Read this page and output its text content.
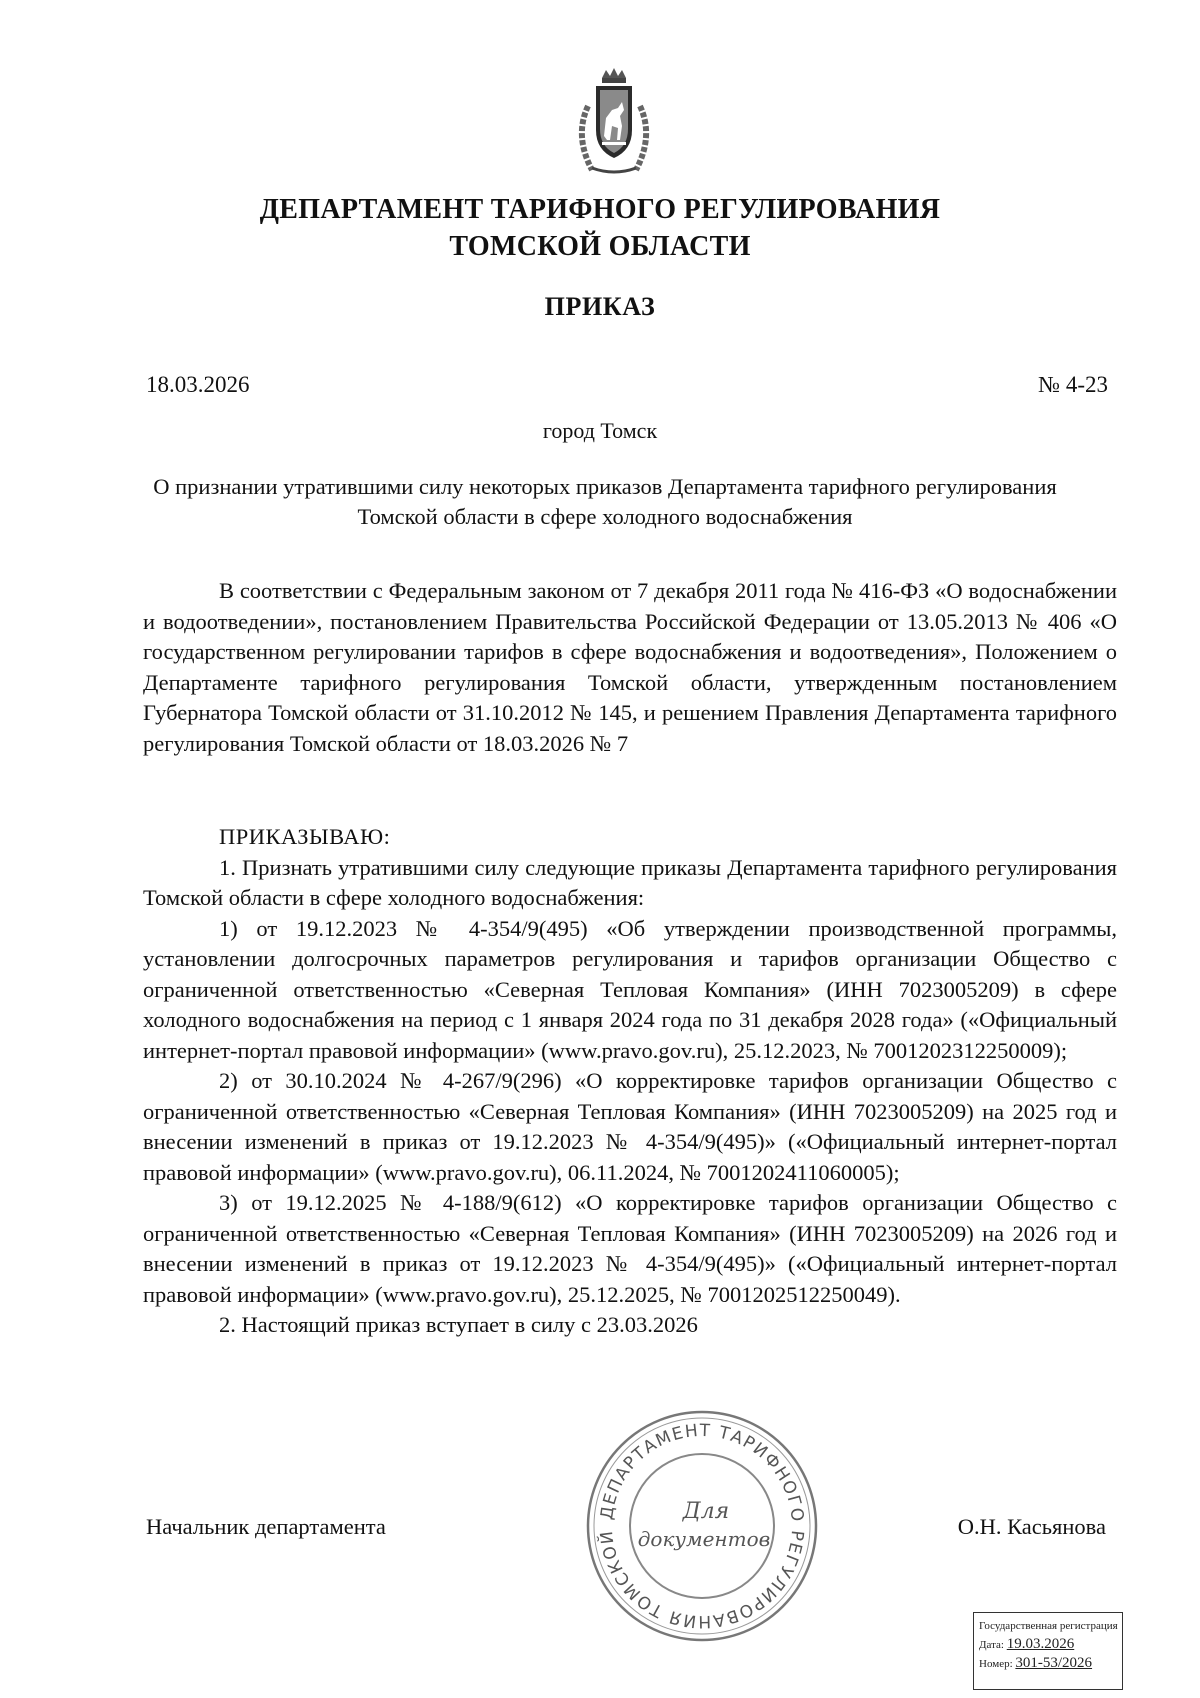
ДЕПАРТАМЕНТ ТАРИФНОГО РЕГУЛИРОВАНИЯ
ТОМСКОЙ ОБЛАСТИ
ПРИКАЗ
18.03.2026	№ 4-23
город Томск
О признании утратившими силу некоторых приказов Департамента тарифного регулирования Томской области в сфере холодного водоснабжения

В соответствии с Федеральным законом от 7 декабря 2011 года № 416-ФЗ «О водоснабжении и водоотведении», постановлением Правительства Российской Федерации от 13.05.2013 № 406 «О государственном регулировании тарифов в сфере водоснабжения и водоотведения», Положением о Департаменте тарифного регулирования Томской области, утвержденным постановлением Губернатора Томской области от 31.10.2012 № 145, и решением Правления Департамента тарифного регулирования Томской области от 18.03.2026 № 7

ПРИКАЗЫВАЮ:

1. Признать утратившими силу следующие приказы Департамента тарифного регулирования Томской области в сфере холодного водоснабжения:

1) от 19.12.2023 № 4-354/9(495) «Об утверждении производственной программы, установлении долгосрочных параметров регулирования и тарифов организации Общество с ограниченной ответственностью «Северная Тепловая Компания» (ИНН 7023005209) в сфере холодного водоснабжения на период с 1 января 2024 года по 31 декабря 2028 года» («Официальный интернет-портал правовой информации» (www.pravo.gov.ru), 25.12.2023, № 7001202312250009);

2) от 30.10.2024 № 4-267/9(296) «О корректировке тарифов организации Общество с ограниченной ответственностью «Северная Тепловая Компания» (ИНН 7023005209) на 2025 год и внесении изменений в приказ от 19.12.2023 № 4-354/9(495)» («Официальный интернет-портал правовой информации» (www.pravo.gov.ru), 06.11.2024, № 7001202411060005);

3) от 19.12.2025 № 4-188/9(612) «О корректировке тарифов организации Общество с ограниченной ответственностью «Северная Тепловая Компания» (ИНН 7023005209) на 2026 год и внесении изменений в приказ от 19.12.2023 № 4-354/9(495)» («Официальный интернет-портал правовой информации» (www.pravo.gov.ru), 25.12.2025, № 7001202512250049).

2. Настоящий приказ вступает в силу с 23.03.2026

Начальник департамента	О.Н. Касьянова
ДЕПАРТАМЕНТ ТАРИФНОГО РЕГУЛИРОВАНИЯ ТОМСКОЙ
Для
документов
Государственная регистрация
Дата: 19.03.2026
Номер: 301-53/2026
